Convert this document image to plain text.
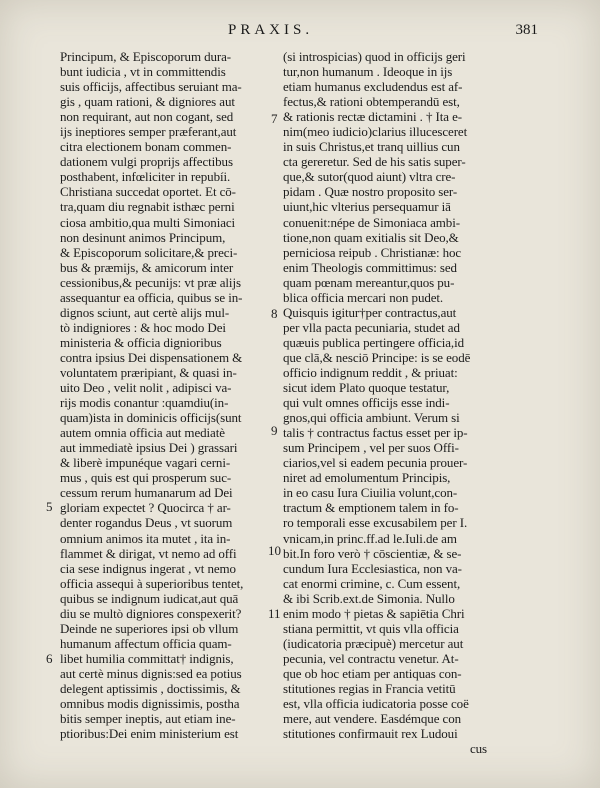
PRAXIS.	381
Principum, & Episcoporum dura-
bunt iudicia , vt in committendis
suis officijs, affectibus seruiant ma-
gis , quam rationi, & digniores aut
non requirant, aut non cogant, sed
ijs ineptiores semper præferant,aut
citra electionem bonam commen-
dationem vulgi proprijs affectibus
posthabent, infœliciter in repubíi.
Christiana succedat oportet. Et cō-
tra,quam diu regnabit isthæc perni
ciosa ambitio,qua multi Simoniaci
non desinunt animos Principum,
& Episcoporum solicitare,& preci-
bus & præmijs, & amicorum inter
cessionibus,& pecunijs: vt præ alijs
assequantur ea officia, quibus se in-
dignos sciunt, aut certè alijs mul-
tò indigniores : & hoc modo Dei
ministeria & officia dignioribus
contra ipsius Dei dispensationem &
voluntatem præripiant, & quasi in-
uito Deo , velit nolit , adipisci va-
rijs modis conantur :quamdiu(in-
quam)ista in dominicis officijs(sunt
autem omnia officia aut mediatè
aut immediatè ipsius Dei ) grassari
& liberè impunéque vagari cerni-
mus , quis est qui prosperum suc-
cessum rerum humanarum ad Dei
gloriam expectet ? Quocirca † ar-
denter rogandus Deus , vt suorum
omnium animos ita mutet , ita in-
flammet & dirigat, vt nemo ad offi
cia sese indignus ingerat , vt nemo
officia assequi à superioribus tentet,
quibus se indignum iudicat,aut quā
diu se multò digniores conspexerit?
Deinde ne superiores ipsi ob vllum
humanum affectum officia quam-
libet humilia committat† indignis,
aut certè minus dignis:sed ea potius
delegent aptissimis , doctissimis, &
omnibus modis dignissimis, postha
bitis semper ineptis, aut etiam ine-
ptioribus:Dei enim ministerium est
(si introspicias) quod in officijs geri
tur,non humanum . Ideoque in ijs
etiam humanus excludendus est af-
fectus,& rationi obtemperandū est,
& rationis rectæ dictamini . † Ita e-
nim(meo iudicio)clarius illucesceret
in suis Christus,et tranq uillius cun
cta gereretur. Sed de his satis super-
que,& sutor(quod aiunt) vltra cre-
pidam . Quæ nostro proposito ser-
uiunt,hic vlterius persequamur iā
conuenit:népe de Simoniaca ambi-
tione,non quam exitialis sit Deo,&
perniciosa reipub . Christianæ: hoc
enim Theologis committimus: sed
quam pœnam mereantur,quos pu-
blica officia mercari non pudet.
Quisquis igitur†per contractus,aut
per vlla pacta pecuniaria, studet ad
quæuis publica pertingere officia,id
que clā,& nesciō Principe: is se eodē
officio indignum reddit , & priuat:
sicut idem Plato quoque testatur,
qui vult omnes officijs esse indi-
gnos,qui officia ambiunt. Verum si
talis † contractus factus esset per ip-
sum Principem , vel per suos Offi-
ciarios,vel si eadem pecunia prouer-
niret ad emolumentum Principis,
in eo casu Iura Ciuilia volunt,con-
tractum & emptionem talem in fo-
ro temporali esse excusabilem per I.
vnicam,in princ.ff.ad le.Iuli.de am
bit.In foro verò † cōscientiæ, & se-
cundum Iura Ecclesiastica, non va-
cat enormi crimine, c. Cum essent,
& ibi Scrib.ext.de Simonia. Nullo
enim modo † pietas & sapiētia Chri
stiana permittit, vt quis vlla officia
(iudicatoria præcipuè) mercetur aut
pecunia, vel contractu venetur. At-
que ob hoc etiam per antiquas con-
stitutiones regias in Francia vetitū
est, vlla officia iudicatoria posse coë
mere, aut vendere. Easdémque con
stitutiones confirmauit rex Ludoui
cus
7
8
9
10
11
5
6
